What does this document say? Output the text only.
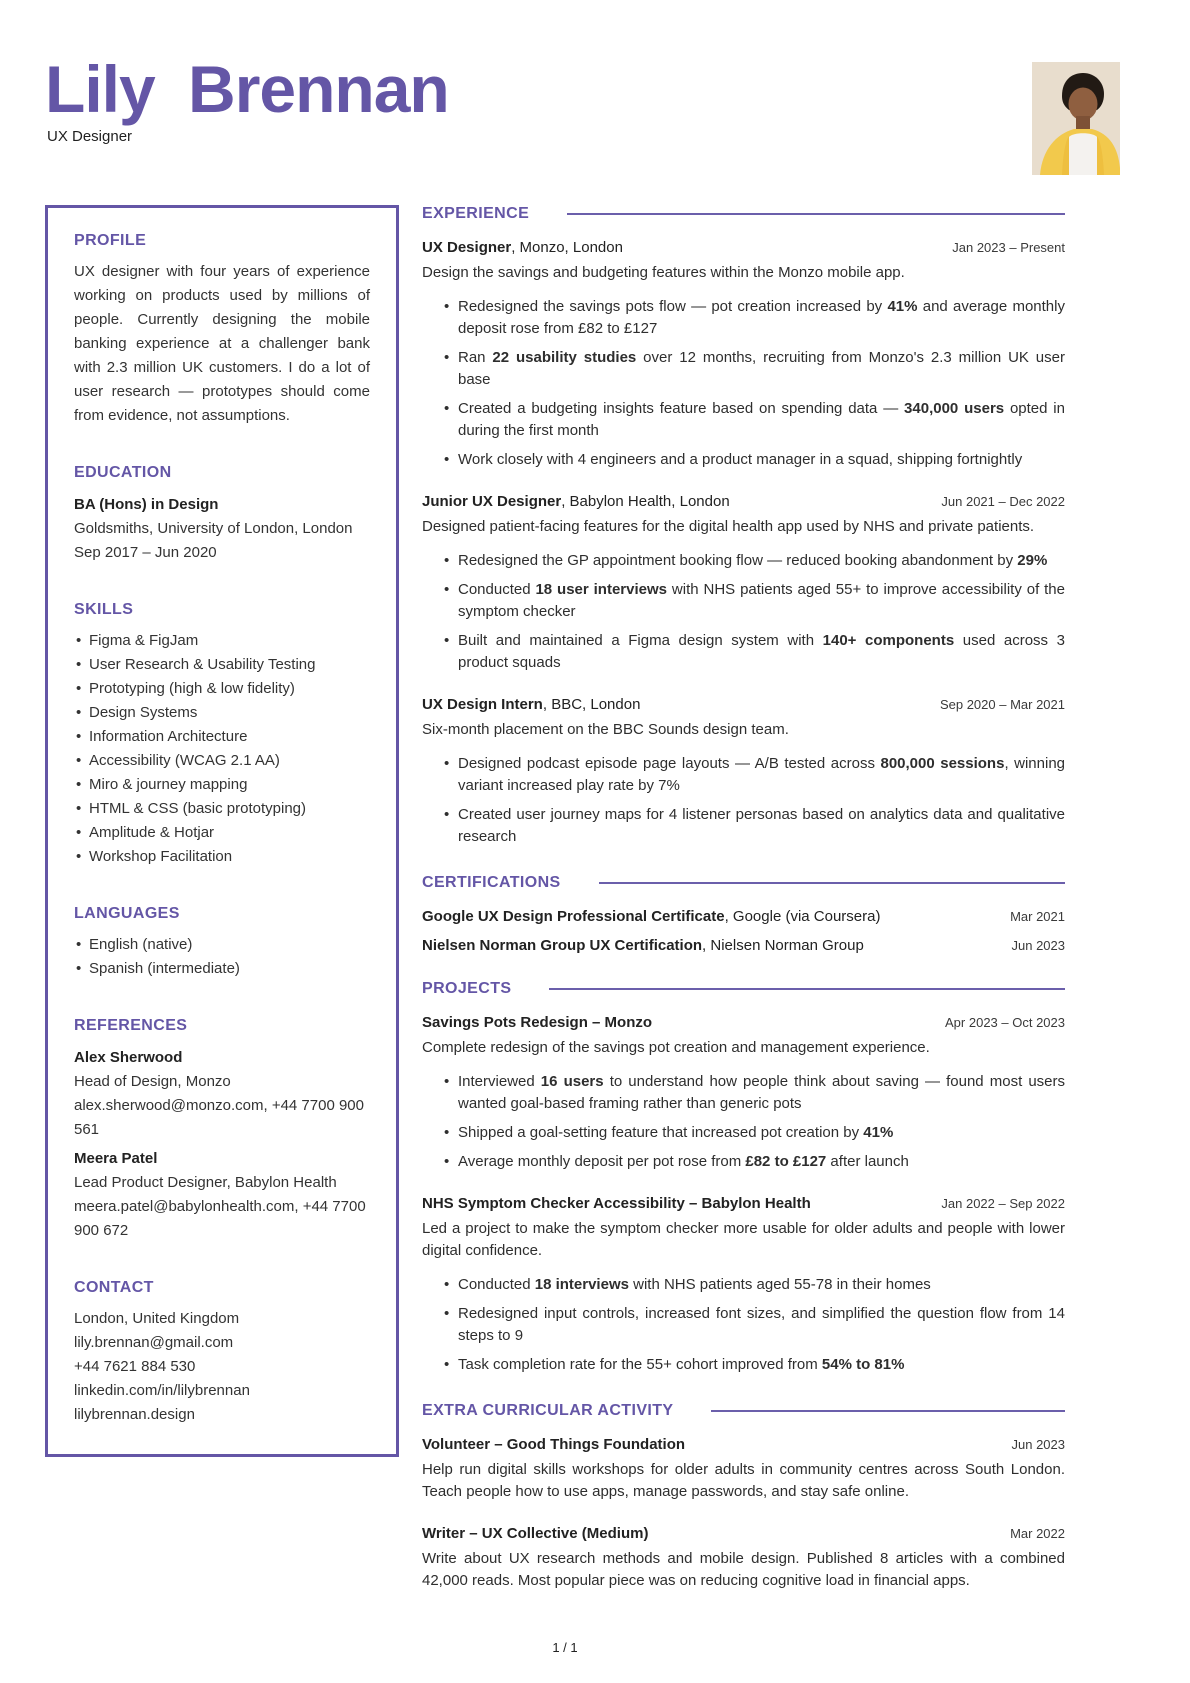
Lily Brennan
UX Designer
PROFILE

UX designer with four years of experience working on products used by millions of people. Currently designing the mobile banking experience at a challenger bank with 2.3 million UK customers. I do a lot of user research — prototypes should come from evidence, not assumptions.

EDUCATION
BA (Hons) in Design
Goldsmiths, University of London, London
Sep 2017 – Jun 2020
SKILLS
• Figma & FigJam
• User Research & Usability Testing
• Prototyping (high & low fidelity)
• Design Systems
• Information Architecture
• Accessibility (WCAG 2.1 AA)
• Miro & journey mapping
• HTML & CSS (basic prototyping)
• Amplitude & Hotjar
• Workshop Facilitation
LANGUAGES
• English (native)
• Spanish (intermediate)
REFERENCES
Alex Sherwood
Head of Design, Monzo
alex.sherwood@monzo.com, +44 7700 900 561
Meera Patel
Lead Product Designer, Babylon Health
meera.patel@babylonhealth.com, +44 7700 900 672
CONTACT
London, United Kingdom
lily.brennan@gmail.com
+44 7621 884 530
linkedin.com/in/lilybrennan
lilybrennan.design
EXPERIENCE
UX Designer, Monzo, London	Jan 2023 – Present

Design the savings and budgeting features within the Monzo mobile app.

• Redesigned the savings pots flow — pot creation increased by 41% and average monthly deposit rose from £82 to £127
• Ran 22 usability studies over 12 months, recruiting from Monzo's 2.3 million UK user base
• Created a budgeting insights feature based on spending data — 340,000 users opted in during the first month
• Work closely with 4 engineers and a product manager in a squad, shipping fortnightly
Junior UX Designer, Babylon Health, London	Jun 2021 – Dec 2022

Designed patient-facing features for the digital health app used by NHS and private patients.

• Redesigned the GP appointment booking flow — reduced booking abandonment by 29%
• Conducted 18 user interviews with NHS patients aged 55+ to improve accessibility of the symptom checker
• Built and maintained a Figma design system with 140+ components used across 3 product squads
UX Design Intern, BBC, London	Sep 2020 – Mar 2021

Six-month placement on the BBC Sounds design team.

• Designed podcast episode page layouts — A/B tested across 800,000 sessions, winning variant increased play rate by 7%
• Created user journey maps for 4 listener personas based on analytics data and qualitative research
CERTIFICATIONS
Google UX Design Professional Certificate, Google (via Coursera)	Mar 2021
Nielsen Norman Group UX Certification, Nielsen Norman Group	Jun 2023
PROJECTS
Savings Pots Redesign – Monzo	Apr 2023 – Oct 2023

Complete redesign of the savings pot creation and management experience.

• Interviewed 16 users to understand how people think about saving — found most users wanted goal-based framing rather than generic pots
• Shipped a goal-setting feature that increased pot creation by 41%
• Average monthly deposit per pot rose from £82 to £127 after launch
NHS Symptom Checker Accessibility – Babylon Health	Jan 2022 – Sep 2022

Led a project to make the symptom checker more usable for older adults and people with lower digital confidence.

• Conducted 18 interviews with NHS patients aged 55-78 in their homes
• Redesigned input controls, increased font sizes, and simplified the question flow from 14 steps to 9
• Task completion rate for the 55+ cohort improved from 54% to 81%
EXTRA CURRICULAR ACTIVITY
Volunteer – Good Things Foundation	Jun 2023

Help run digital skills workshops for older adults in community centres across South London. Teach people how to use apps, manage passwords, and stay safe online.

Writer – UX Collective (Medium)	Mar 2022

Write about UX research methods and mobile design. Published 8 articles with a combined 42,000 reads. Most popular piece was on reducing cognitive load in financial apps.

1 / 1
